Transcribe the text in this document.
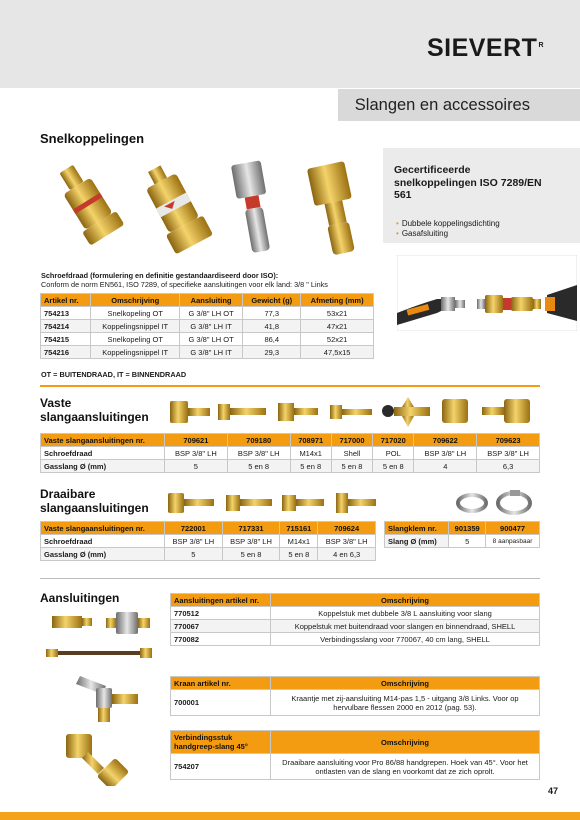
$SIEVERT^R$
Slangen en accessoires
Snelkoppelingen
Schroefdraad (formulering en definitie gestandaardiseerd door ISO):
Conform de norm EN561, ISO 7289, of specifieke aansluitingen voor elk land: 3/8 " Links
Artikel nr.	Omschrijving	Aansluiting	Gewicht (g)	Afmeting (mm)
754213	Snelkopeling OT	G 3/8" LH OT	77,3	53x21
754214	Koppelingsnippel IT	G 3/8" LH IT	41,8	47x21
754215	Snelkopeling OT	G 3/8" LH OT	86,4	52x21
754216	Koppelingsnippel IT	G 3/8" LH IT	29,3	47,5x15
OT = BUITENDRAAD, IT = BINNENDRAAD
Gecertificeerde snelkoppelingen ISO 7289/EN 561
• Dubbele koppelingsdichting
• Gasafsluiting
Vaste slangaansluitingen
Vaste slangaansluitingen nr.	709621	709180	708971	717000	717020	709622	709623
Schroefdraad	BSP 3/8" LH	BSP 3/8" LH	M14x1	Shell	POL	BSP 3/8" LH	BSP 3/8" LH
Gasslang Ø (mm)	5	5 en 8	5 en 8	5 en 8	5 en 8	4	6,3
Draaibare slangaansluitingen
Vaste slangaansluitingen nr.	722001	717331	715161	709624
Schroefdraad	BSP 3/8" LH	BSP 3/8" LH	M14x1	BSP 3/8" LH
Gasslang Ø (mm)	5	5 en 8	5 en 8	4 en 6,3
Slangklem nr.	901359	900477
Slang Ø (mm)	5	8 aanpasbaar
Aansluitingen	Aansluitingen artikel nr.	Omschrijving
770512	Koppelstuk met dubbele 3/8 L aansluiting voor slang
770067	Koppelstuk met buitendraad voor slangen en binnendraad, SHELL
770082	Verbindingsslang voor 770067, 40 cm lang, SHELL
Kraan artikel nr.	Omschrijving
700001	Kraantje met zij-aansluiting M14-pas 1,5 - uitgang 3/8 Links. Voor op hervulbare flessen 2000 en 2012 (pag. 53).
Verbindingsstuk handgreep-slang 45°	Omschrijving
754207	Draaibare aansluiting voor Pro 86/88 handgrepen. Hoek van 45°. Voor het ontlasten van de slang en voorkomt dat ze zich oprolt.
47
